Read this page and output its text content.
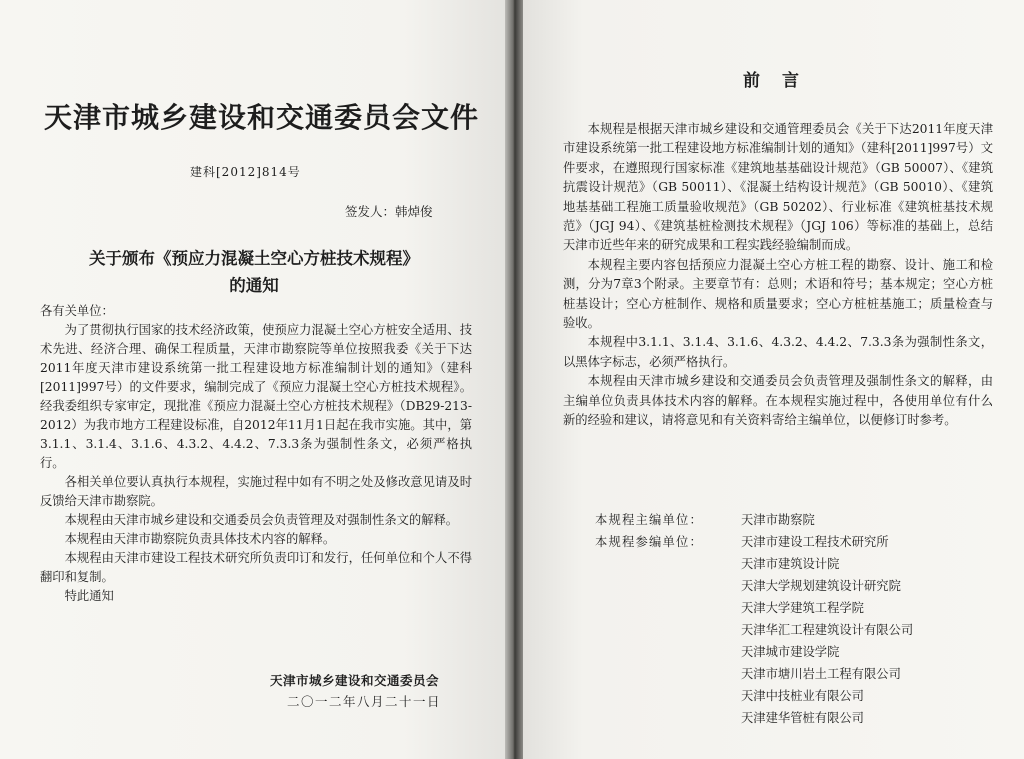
天津市城乡建设和交通委员会文件
建科[2012]814号
签发人：韩焯俊
关于颁布《预应力混凝土空心方桩技术规程》
的通知

各有关单位：

为了贯彻执行国家的技术经济政策，使预应力混凝土空心方桩安全适用、技术先进、经济合理、确保工程质量，天津市勘察院等单位按照我委《关于下达2011年度天津市建设系统第一批工程建设地方标准编制计划的通知》（建科[2011]997号）的文件要求，编制完成了《预应力混凝土空心方桩技术规程》。经我委组织专家审定，现批准《预应力混凝土空心方桩技术规程》（DB29-213-2012）为我市地方工程建设标准，自2012年11月1日起在我市实施。其中，第3.1.1、3.1.4、3.1.6、4.3.2、4.4.2、7.3.3条为强制性条文，必须严格执行。

各相关单位要认真执行本规程，实施过程中如有不明之处及修改意见请及时反馈给天津市勘察院。

本规程由天津市城乡建设和交通委员会负责管理及对强制性条文的解释。

本规程由天津市勘察院负责具体技术内容的解释。

本规程由天津市建设工程技术研究所负责印订和发行，任何单位和个人不得翻印和复制。

特此通知

天津市城乡建设和交通委员会
二〇一二年八月二十一日
前言

本规程是根据天津市城乡建设和交通管理委员会《关于下达2011年度天津市建设系统第一批工程建设地方标准编制计划的通知》（建科[2011]997号）文件要求，在遵照现行国家标准《建筑地基基础设计规范》（GB 50007）、《建筑抗震设计规范》（GB 50011）、《混凝土结构设计规范》（GB 50010）、《建筑地基基础工程施工质量验收规范》（GB 50202）、行业标准《建筑桩基技术规范》（JGJ 94）、《建筑基桩检测技术规程》（JGJ 106）等标准的基础上，总结天津市近些年来的研究成果和工程实践经验编制而成。

本规程主要内容包括预应力混凝土空心方桩工程的勘察、设计、施工和检测，分为7章3个附录。主要章节有：总则；术语和符号；基本规定；空心方桩桩基设计；空心方桩制作、规格和质量要求；空心方桩桩基施工；质量检查与验收。

本规程中3.1.1、3.1.4、3.1.6、4.3.2、4.4.2、7.3.3条为强制性条文，以黑体字标志，必须严格执行。

本规程由天津市城乡建设和交通委员会负责管理及强制性条文的解释，由主编单位负责具体技术内容的解释。在本规程实施过程中，各使用单位有什么新的经验和建议，请将意见和有关资料寄给主编单位，以便修订时参考。

本规程主编单位：	天津市勘察院
本规程参编单位：	天津市建设工程技术研究所
天津市建筑设计院
天津大学规划建筑设计研究院
天津大学建筑工程学院
天津华汇工程建筑设计有限公司
天津城市建设学院
天津市塘川岩土工程有限公司
天津中技桩业有限公司
天津建华管桩有限公司
